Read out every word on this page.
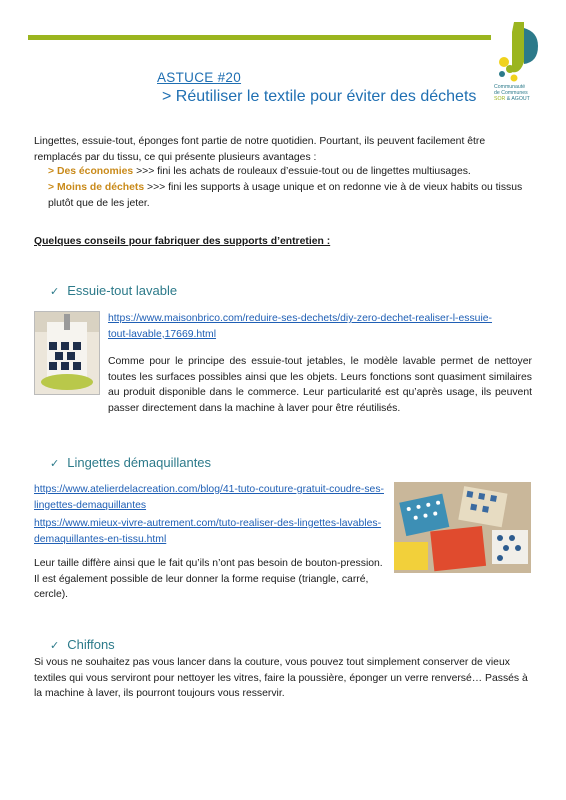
Communauté
de Communes
SOR & AGOUT
ASTUCE #20
> Réutiliser le textile pour éviter des déchets
Lingettes, essuie-tout, éponges font partie de notre quotidien. Pourtant, ils peuvent facilement être remplacés par du tissu, ce qui présente plusieurs avantages :
> Des économies >>> fini les achats de rouleaux d’essuie-tout ou de lingettes multiusages.
> Moins de déchets >>> fini les supports à usage unique et on redonne vie à de vieux habits ou tissus plutôt que de les jeter.
Quelques conseils pour fabriquer des supports d’entretien :
✓ Essuie-tout lavable
https://www.maisonbrico.com/reduire-ses-dechets/diy-zero-dechet-realiser-l-essuie-tout-lavable,17669.html
Comme pour le principe des essuie-tout jetables, le modèle lavable permet de nettoyer toutes les surfaces possibles ainsi que les objets. Leurs fonctions sont quasiment similaires au produit disponible dans le commerce. Leur particularité est qu’après usage, ils peuvent passer directement dans la machine à laver pour être réutilisés.
✓ Lingettes démaquillantes
https://www.atelierdelacreation.com/blog/41-tuto-couture-gratuit-coudre-ses-lingettes-demaquillantes
https://www.mieux-vivre-autrement.com/tuto-realiser-des-lingettes-lavables-demaquillantes-en-tissu.html
Leur taille diffère ainsi que le fait qu’ils n’ont pas besoin de bouton-pression. Il est également possible de leur donner la forme requise (triangle, carré, cercle).
✓ Chiffons
Si vous ne souhaitez pas vous lancer dans la couture, vous pouvez tout simplement conserver de vieux textiles qui vous serviront pour nettoyer les vitres, faire la poussière, éponger un verre renversé… Passés à la machine à laver, ils pourront toujours vous resservir.
